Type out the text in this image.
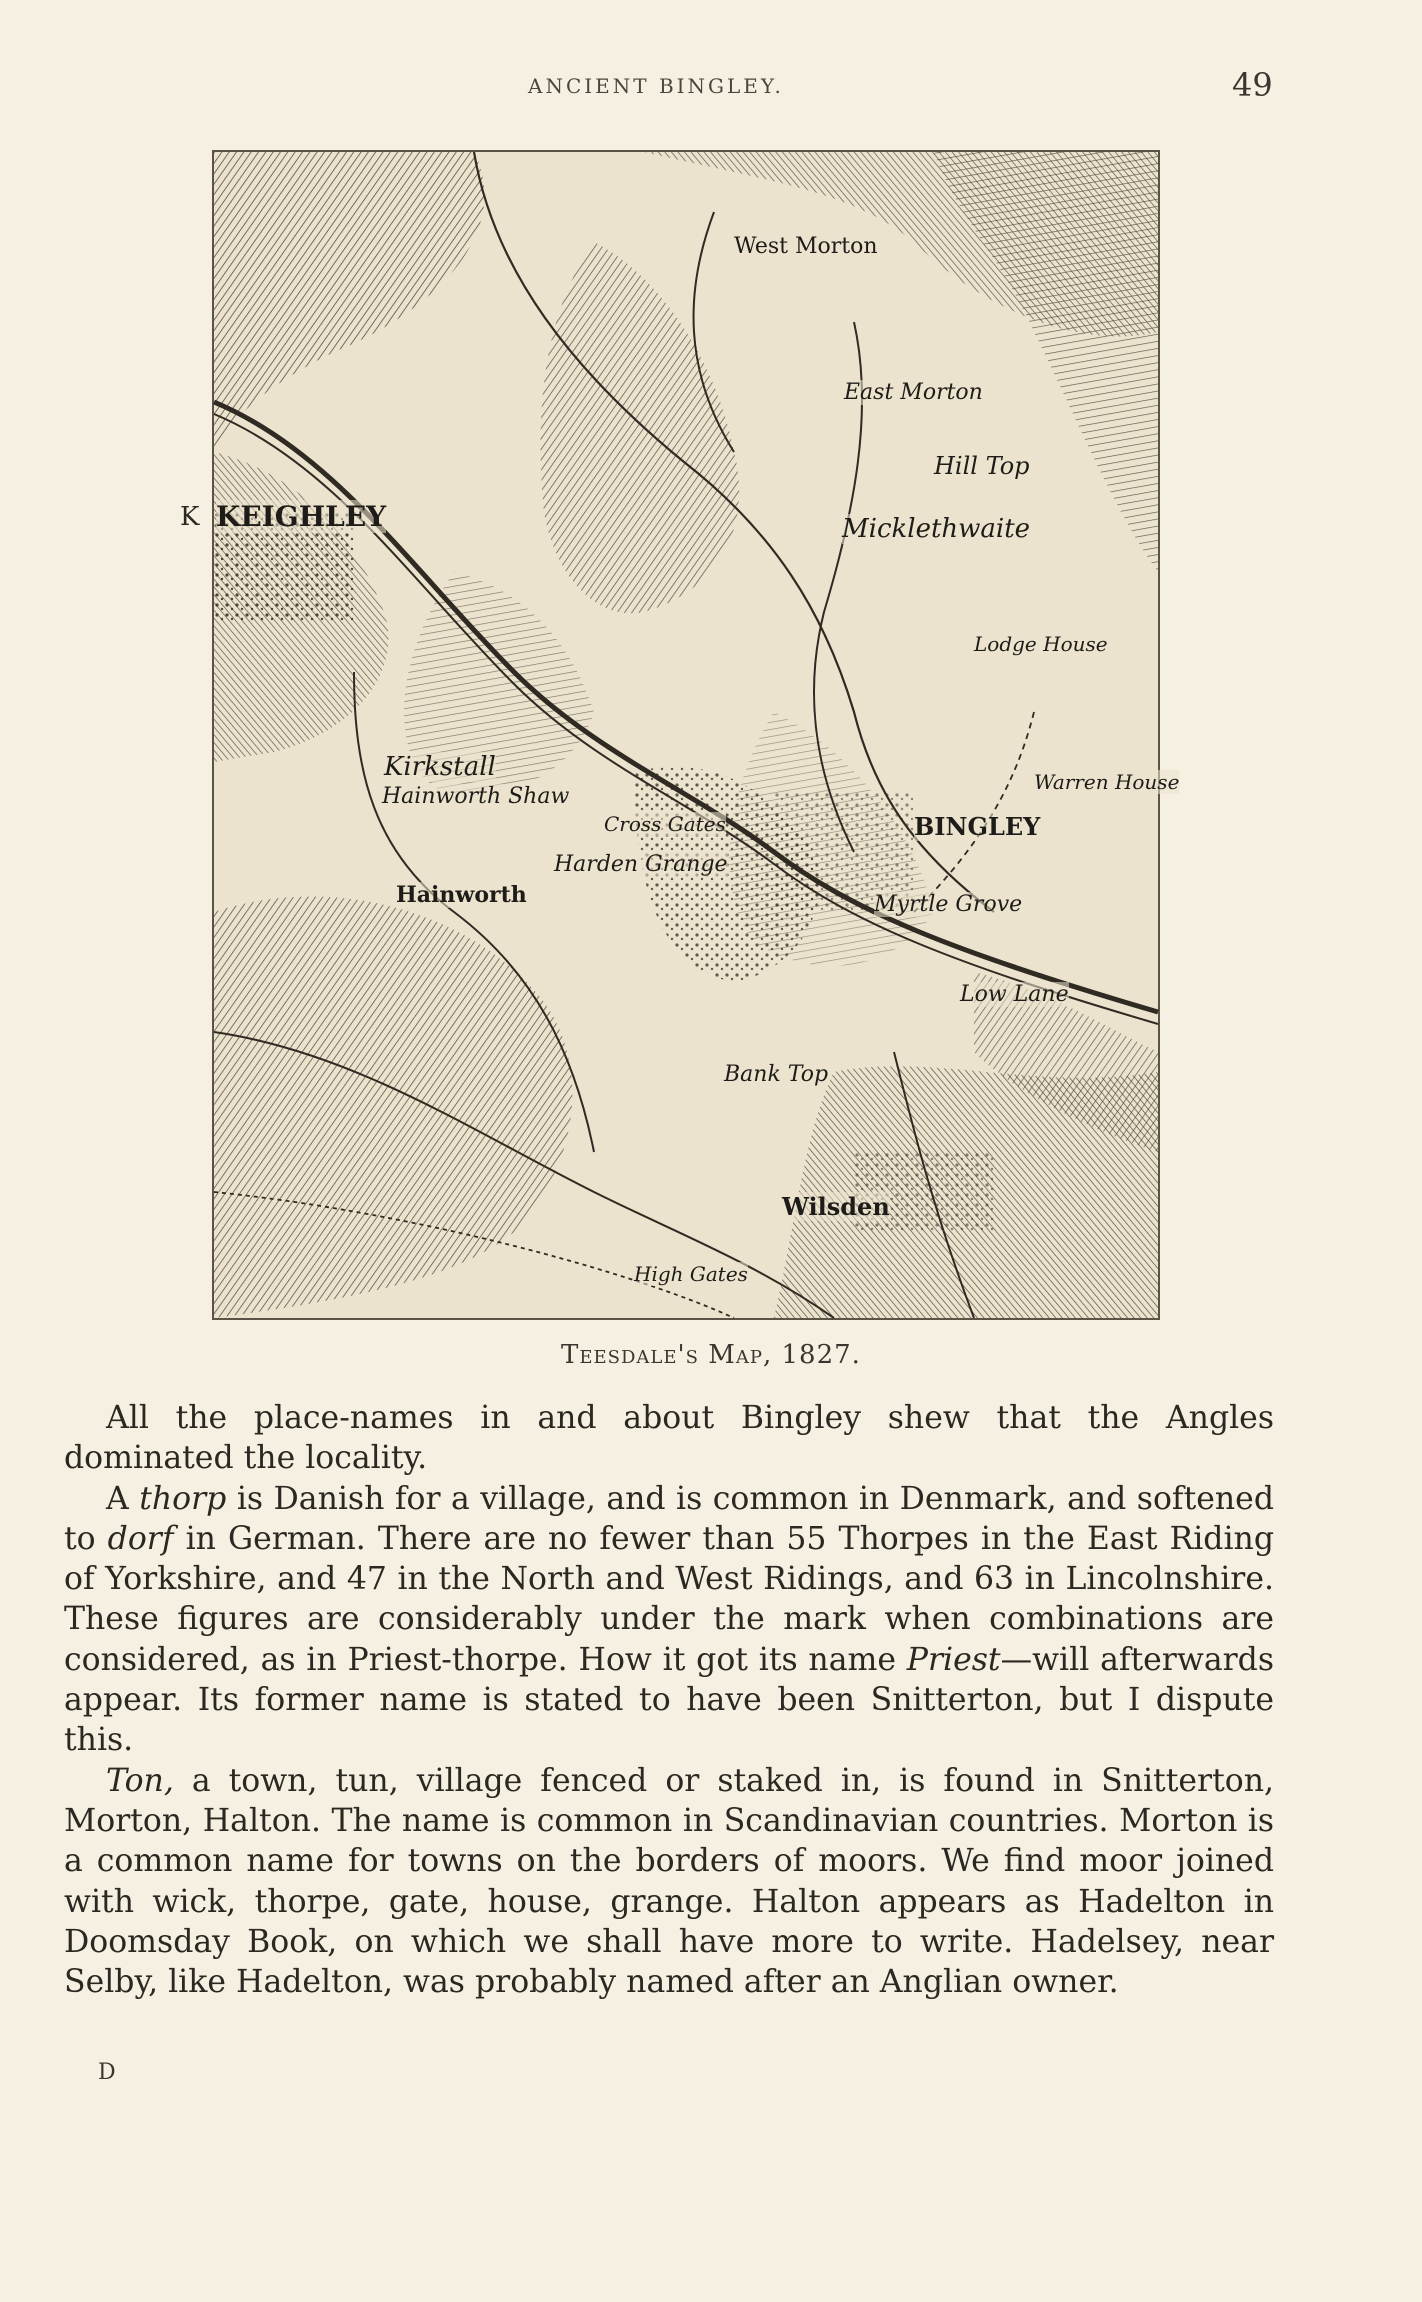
ANCIENT BINGLEY.	49
K KEIGHLEY
East Morton
West Morton
Micklethwaite
Hill Top
Kirkstall
Hainworth Shaw
Cross Gates
Harden Grange
BINGLEY
Myrtle Grove
Low Lane
Hainworth
Bank Top
Lodge House
Warren House
Wilsden
High Gates
Teesdale's Map, 1827.

All the place-names in and about Bingley shew that the Angles dominated the locality.

A thorp is Danish for a village, and is common in Denmark, and softened to dorf in German. There are no fewer than 55 Thorpes in the East Riding of Yorkshire, and 47 in the North and West Ridings, and 63 in Lincolnshire. These figures are considerably under the mark when combinations are considered, as in Priest-thorpe. How it got its name Priest—will afterwards appear. Its former name is stated to have been Snitterton, but I dispute this.

Ton, a town, tun, village fenced or staked in, is found in Snitterton, Morton, Halton. The name is common in Scandinavian countries. Morton is a common name for towns on the borders of moors. We find moor joined with wick, thorpe, gate, house, grange. Halton appears as Hadelton in Doomsday Book, on which we shall have more to write. Hadelsey, near Selby, like Hadelton, was probably named after an Anglian owner.

D
